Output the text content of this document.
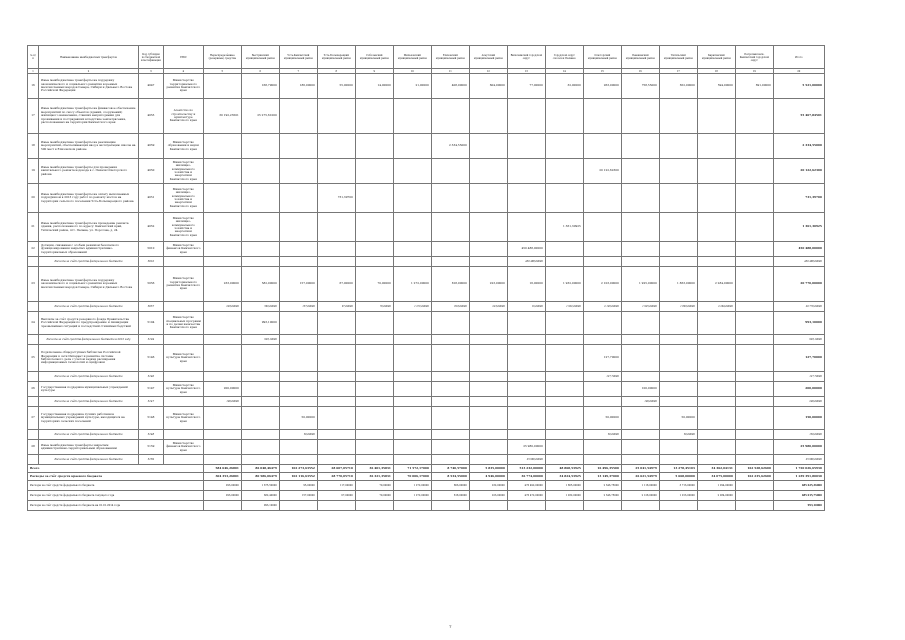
№ п/п	Наименование межбюджетных трансфертов	Код субсидии по бюджетной классификации	ГРБС	Нераспределённые (резервные) средства	Быстринский муниципальный район	Усть-Камчатский муниципальный район	Усть-Большерецкий муниципальный район	Соболевский муниципальный район	Мильковский муниципальный район	Елизовский муниципальный район	Алеутский муниципальный район	Вилючинский городской округ	Городской округ «посёлок Палана»	Олюторский муниципальный район	Пенжинский муниципальный район	Тигильский муниципальный район	Карагинский муниципальный район	Петропавловск-Камчатский городской округ	Итого
1	2	3	4	5	6	7	8	9	10	11	12	13	14	15	16	17	18	19	20
16	Иные межбюджетные трансферты на поддержку экономического и социального развития коренных малочисленных народов Севера, Сибири и Дальнего Востока Российской Федерации	4047	Министерство территориального развития Камчатского края		168,79000	186,00000	55,00000	14,00000	21,00000	408,00000	604,00000	77,00000	32,00000	263,00000	758,55000	652,00000	594,00000	691,00000	5 521,00000
17	Иные межбюджетные трансферты на финансовое обеспечение мероприятий по сносу объектов (зданий, сооружений) жилищного назначения, ставших непригодными для проживания и пострадавших вследствие землетрясения, расположенных на территории Камчатского края	4055	Агентство по строительству и архитектуре Камчатского края	30 192,23501	25 275,61000														55 467,84501
18	Иные межбюджетные трансферты на реализацию мероприятий, обеспечивающих ввод в эксплуатацию школы на 500 мест в Елизовском районе	4059	Министерство образования и науки Камчатского края							2 334,55000									2 334,55000
19	Иные межбюджетные трансферты для проведения капитального ремонта водовода в с. Пахачи Олюторского района	4050	Министерство жилищно-коммунального хозяйства и энергетики Камчатского края											20 122,62300					20 122,62300
20	Иные межбюджетные трансферты на оплату выполненных подрядчиком в 2013 году работ по ремонту мостов на территории сельского поселения Усть-Большерецкого района	4051	Министерство жилищно-коммунального хозяйства и энергетики Камчатского края				731,39700												731,39700
21	Иные межбюджетные трансферты на проведение ремонта здания, расположенного по адресу: Камчатский край, Тигильский район, пгт. Палана, ул. Поротова, д. 24	4052	Министерство жилищно-коммунального хозяйства и энергетики Камчатского края										1 361,30925						1 361,30925
22	Дотация, связанная с особым режимом безопасного функционирования закрытых административно-территориальных образований	5010	Министерство финансов Камчатского края									450 488,00000							450 488,00000
	Расходы за счёт средств федерального бюджета	5010										450 488,00000							450 488,00000
23	Иные межбюджетные трансферты на поддержку экономического и социального развития коренных малочисленных народов Севера, Сибири и Дальнего Востока	5056	Министерство территориального развития Камчатского края	233,00000	582,00000	157,00000	67,00000	70,00000	1 272,00000	818,00000	223,00000	16,00000	1 932,00000	2 103,00000	1 925,00000	1 863,00000	2 284,00000		20 770,00000
	Расходы за счёт средств федерального бюджета	5057		293,00000	582,00000	157,00000	67,00000	70,00000	1 272,00000	818,00000	223,00000	16,00000	1 932,00000	2 103,00000	1 925,00000	1 863,00000	2 284,00000		20 770,00000
24	Выплаты за счёт средств резервного фонда Правительства Российской Федерации по предупреждению и ликвидации чрезвычайных ситуаций и последствий стихийных бедствий	5104	Министерство специальных программ и по делам казачества Камчатского края		993,10000														993,10000
	Расходы за счёт средств федерального бюджета в 2013 году	5104			993,10000														993,10000
25	Подключение общедоступных библиотек Российской Федерации к сети Интернет и развитие системы библиотечного дела с учётом задачи расширения информационных технологий и оцифровки	5146	Министерство культуры Камчатского края											127,70000					127,70000
	Расходы за счёт средств федерального бюджета	5146												127,70000					127,70000
26	Государственная поддержка муниципальных учреждений культуры	5147	Министерство культуры Камчатского края	200,00000											100,00000				200,00000
	Расходы за счёт средств федерального бюджета	5147		100,00000											100,00000				200,00000
27	Государственная поддержка лучших работников муниципальных учреждений культуры, находящихся на территориях сельских поселений	5148	Министерство культуры Камчатского края			50,00000								50,00000		50,00000			150,00000
	Расходы за счёт средств федерального бюджета	5148				50,00000								50,00000		50,00000			150,00000
28	Иные межбюджетные трансферты закрытым административно-территориальным образованиям	5159	Министерство финансов Камчатского края									25 980,00000							25 980,00000
	Расходы за счёт средств федерального бюджета	5159										25 980,00000							25 980,00000
Всего				584 646,26801	86 048,46479	102 273,63552	28 607,05710	36 401,35831	71 572,17000	8 740,57000	5 835,00000	513 232,00000	48 868,53925	16 496,35500	25 041,54979	13 278,45103	34 362,04131	162 528,62600	1 720 026,65930
Расходы за счёт средств краевого бюджета				304 353,26801	80 586,06479	102 116,63552	28 770,05710	36 321,35831	70 006,17000	8 534,55000	4 946,00000	36 774,00000	34 824,53925	13 149,37000	26 621,54979	5 668,00000	34 075,00000	162 235,62600	1 239 391,80030
Расходы за счёт средств федерального бюджета				293,00000	1 675,50000	95,00000	117,00000	70,00000	1 272,00000	866,00000	232,00000	476 492,00000	1 865,00000	2 346,75000	1 118,00000	3 713,00000	1 294,00000		485 625,36000
Расходы за счёт средств федерального бюджета текущего года				293,00000	682,40000	157,00000	67,00000	70,00000	1 272,00000	818,00000	223,00000	476 472,00000	1 932,00000	2 346,75000	2 128,00000	1 913,00000	2 284,00000		485 015,75000
Расходы за счёт средств федерального бюджета на 01.01.2014 года					993,10000														993,10000
7
